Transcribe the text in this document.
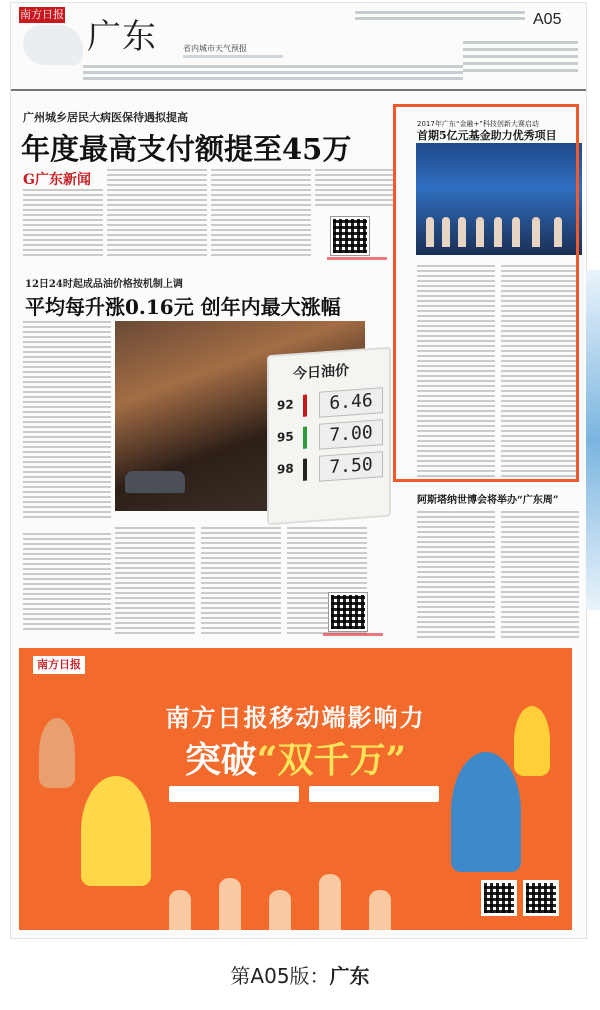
南方日报
广东	省内城市天气预报
A05
广州城乡居民大病医保待遇拟提高
年度最高支付额提至45万
G广东新闻
12日24时起成品油价格按机制上调
平均每升涨0.16元 创年内最大涨幅
今日油价
92	6.46
95	7.00
98	7.50
2017年广东“金融+”科技创新大赛启动
首期5亿元基金助力优秀项目
阿斯塔纳世博会将举办“广东周”
南方日报
南方日报移动端影响力
突破“双千万”
第A05版：广东
